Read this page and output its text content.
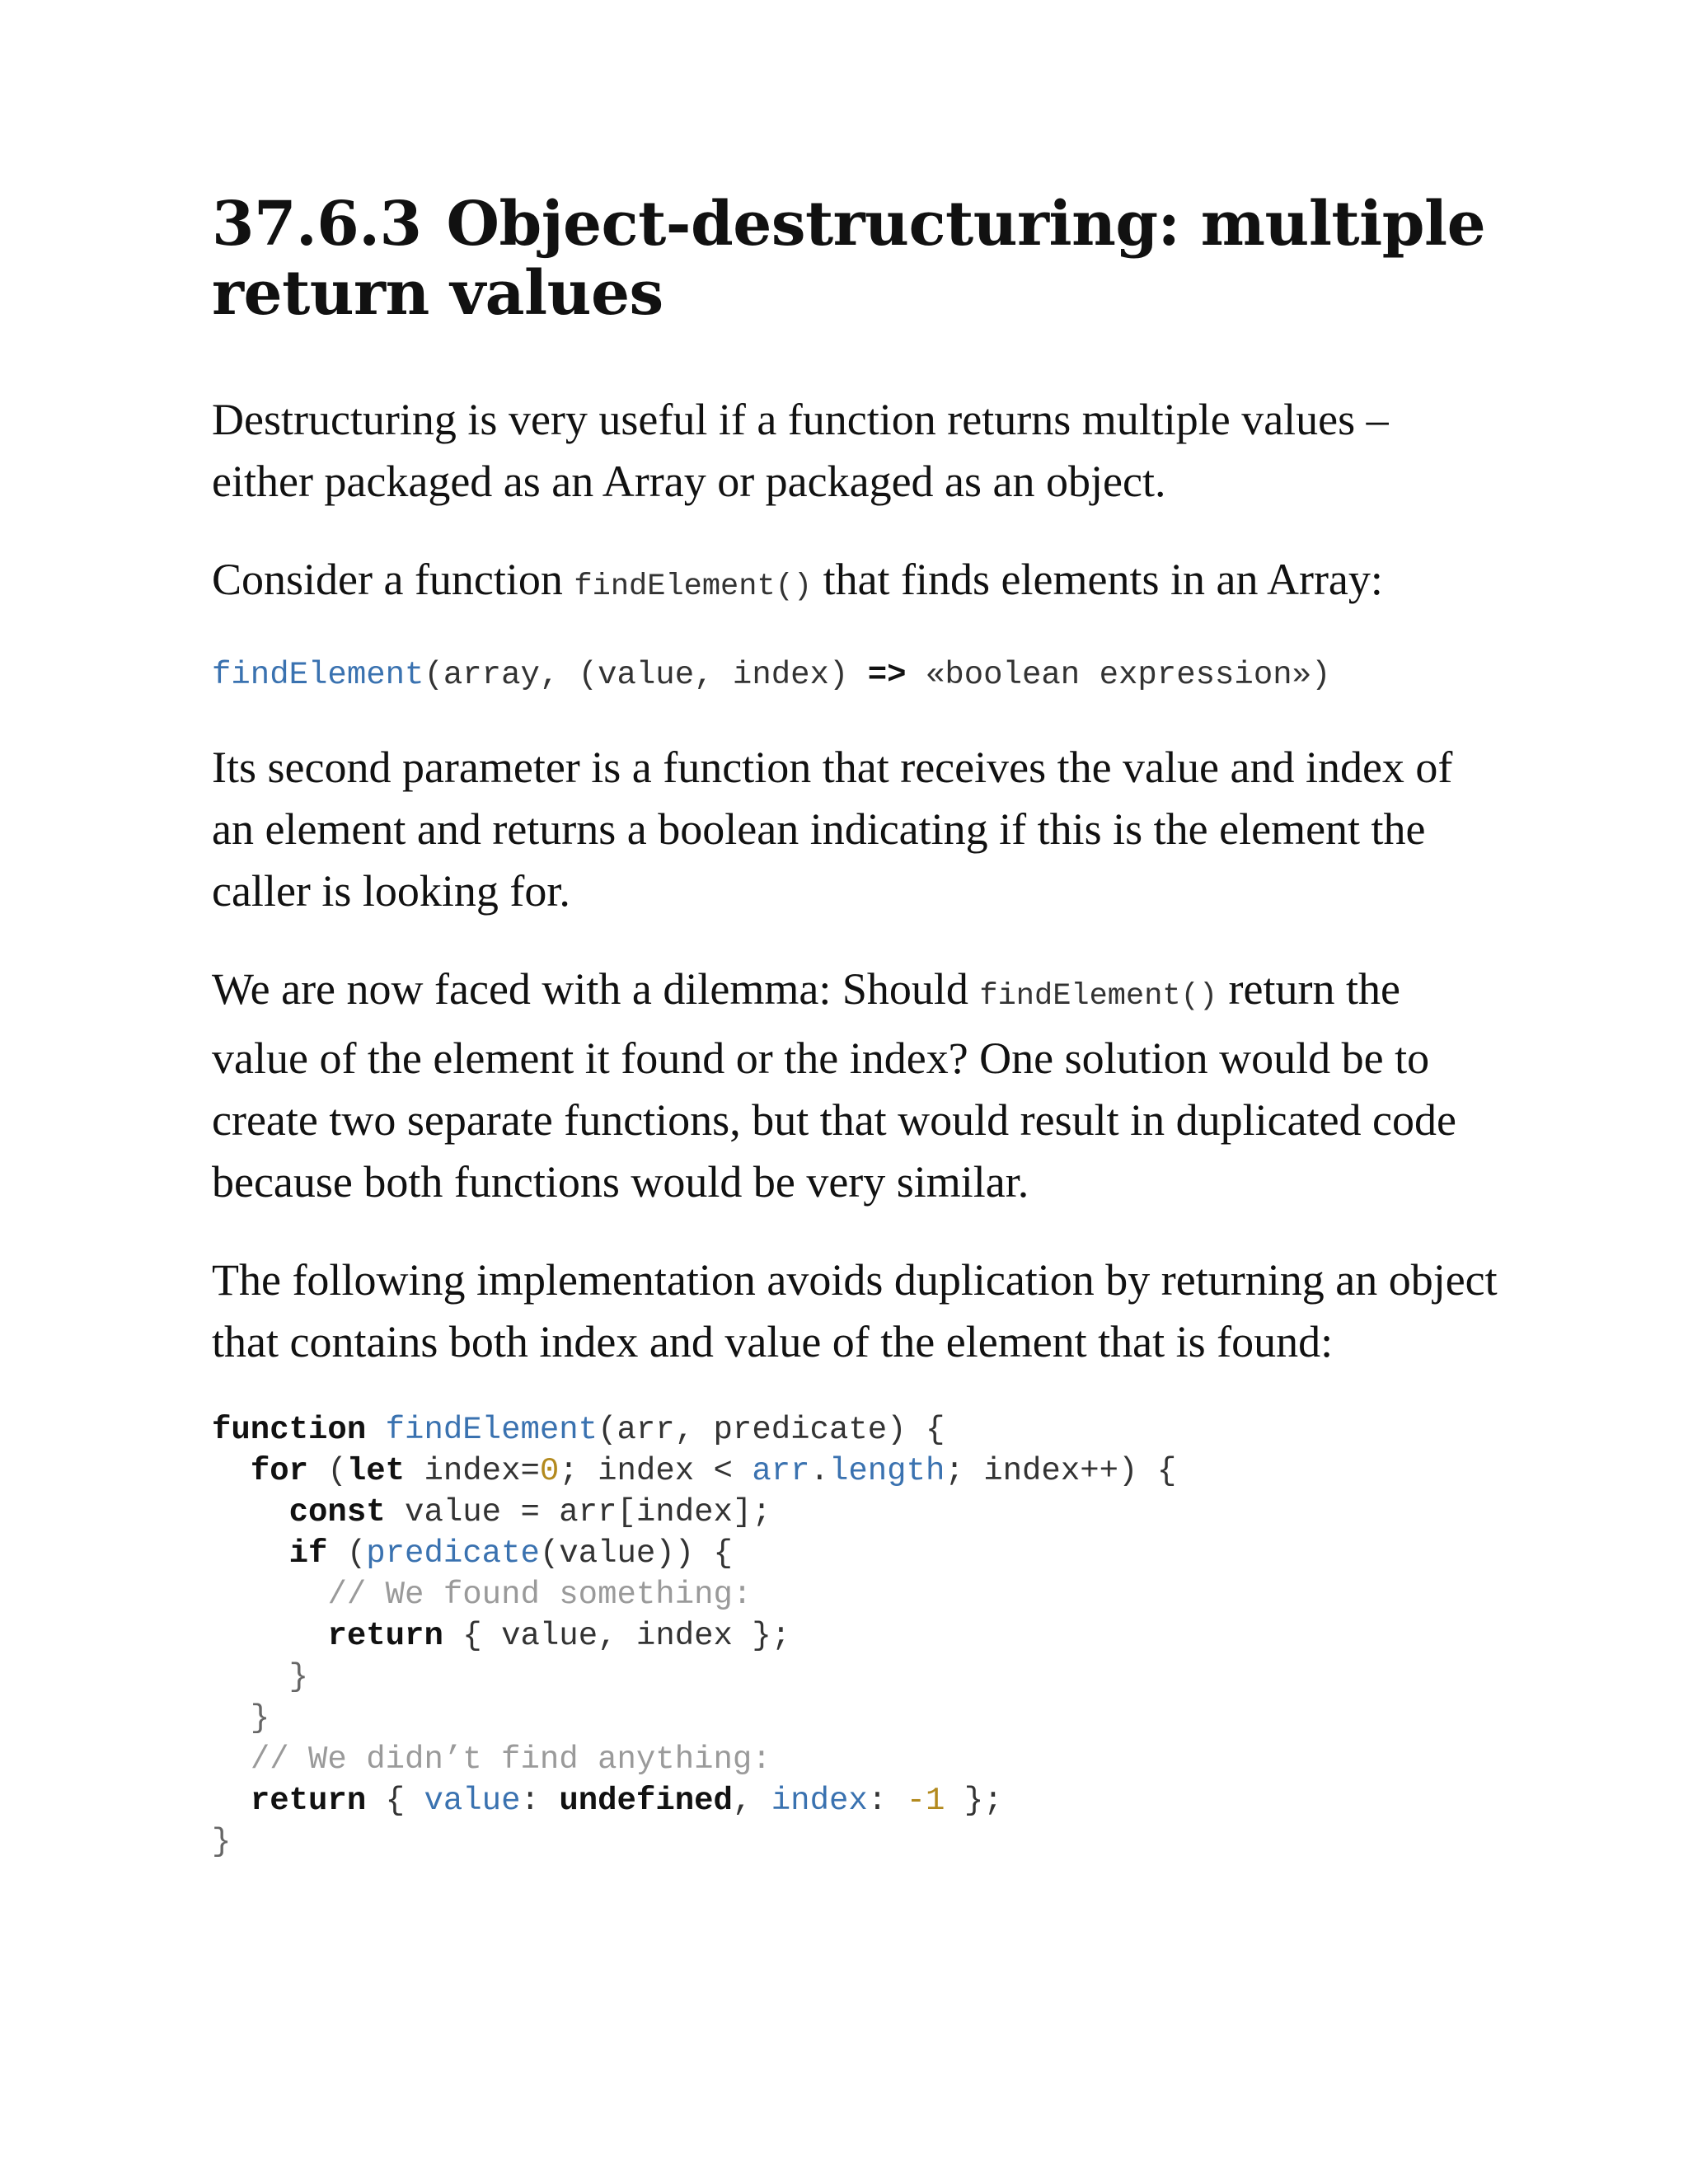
37.6.3 Object-destructuring: multiple return values

Destructuring is very useful if a function returns multiple values – either packaged as an Array or packaged as an object.

Consider a function findElement() that finds elements in an Array:

findElement(array, (value, index) => «boolean expression»)

Its second parameter is a function that receives the value and index of an element and returns a boolean indicating if this is the element the caller is looking for.

We are now faced with a dilemma: Should findElement() return the value of the element it found or the index? One solution would be to create two separate functions, but that would result in duplicated code because both functions would be very similar.

The following implementation avoids duplication by returning an object that contains both index and value of the element that is found:

function findElement(arr, predicate) {
for (let index=0; index < arr.length; index++) {
const value = arr[index];
if (predicate(value)) {
// We found something:
return { value, index };
}
}
// We didn’t find anything:
return { value: undefined, index: -1 };
}
